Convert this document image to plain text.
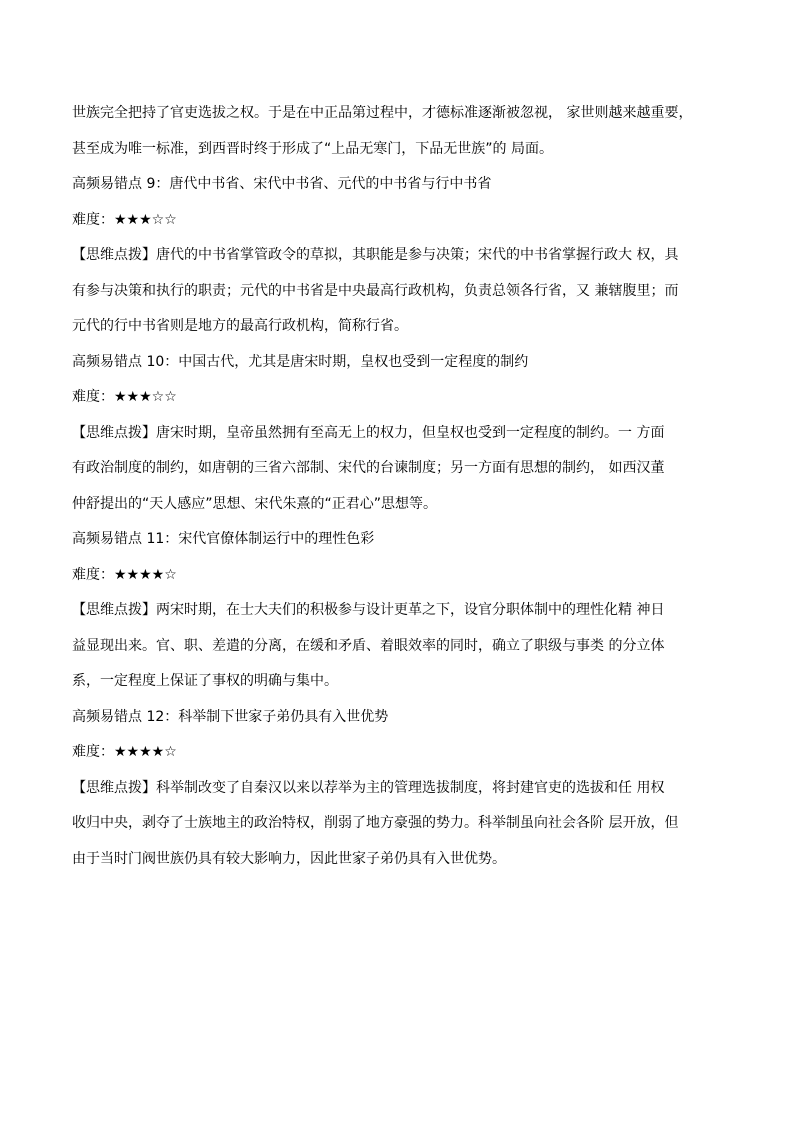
世族完全把持了官吏选拔之权。于是在中正品第过程中，才德标准逐渐被忽视， 家世则越来越重要，
甚至成为唯一标准，到西晋时终于形成了“上品无寒门，下品无世族”的 局面。
高频易错点 9：唐代中书省、宋代中书省、元代的中书省与行中书省
难度：★★★☆☆
【思维点拨】唐代的中书省掌管政令的草拟，其职能是参与决策；宋代的中书省掌握行政大 权，具
有参与决策和执行的职责；元代的中书省是中央最高行政机构，负责总领各行省，又 兼辖腹里；而
元代的行中书省则是地方的最高行政机构，简称行省。
高频易错点 10：中国古代，尤其是唐宋时期，皇权也受到一定程度的制约
难度：★★★☆☆
【思维点拨】唐宋时期，皇帝虽然拥有至高无上的权力，但皇权也受到一定程度的制约。一 方面
有政治制度的制约，如唐朝的三省六部制、宋代的台谏制度；另一方面有思想的制约， 如西汉董
仲舒提出的“天人感应”思想、宋代朱熹的“正君心”思想等。
高频易错点 11：宋代官僚体制运行中的理性色彩
难度：★★★★☆
【思维点拨】两宋时期，在士大夫们的积极参与设计更革之下，设官分职体制中的理性化精 神日
益显现出来。官、职、差遣的分离，在缓和矛盾、着眼效率的同时，确立了职级与事类 的分立体
系，一定程度上保证了事权的明确与集中。
高频易错点 12：科举制下世家子弟仍具有入世优势
难度：★★★★☆
【思维点拨】科举制改变了自秦汉以来以荐举为主的管理选拔制度，将封建官吏的选拔和任 用权
收归中央，剥夺了士族地主的政治特权，削弱了地方豪强的势力。科举制虽向社会各阶 层开放，但
由于当时门阀世族仍具有较大影响力，因此世家子弟仍具有入世优势。
